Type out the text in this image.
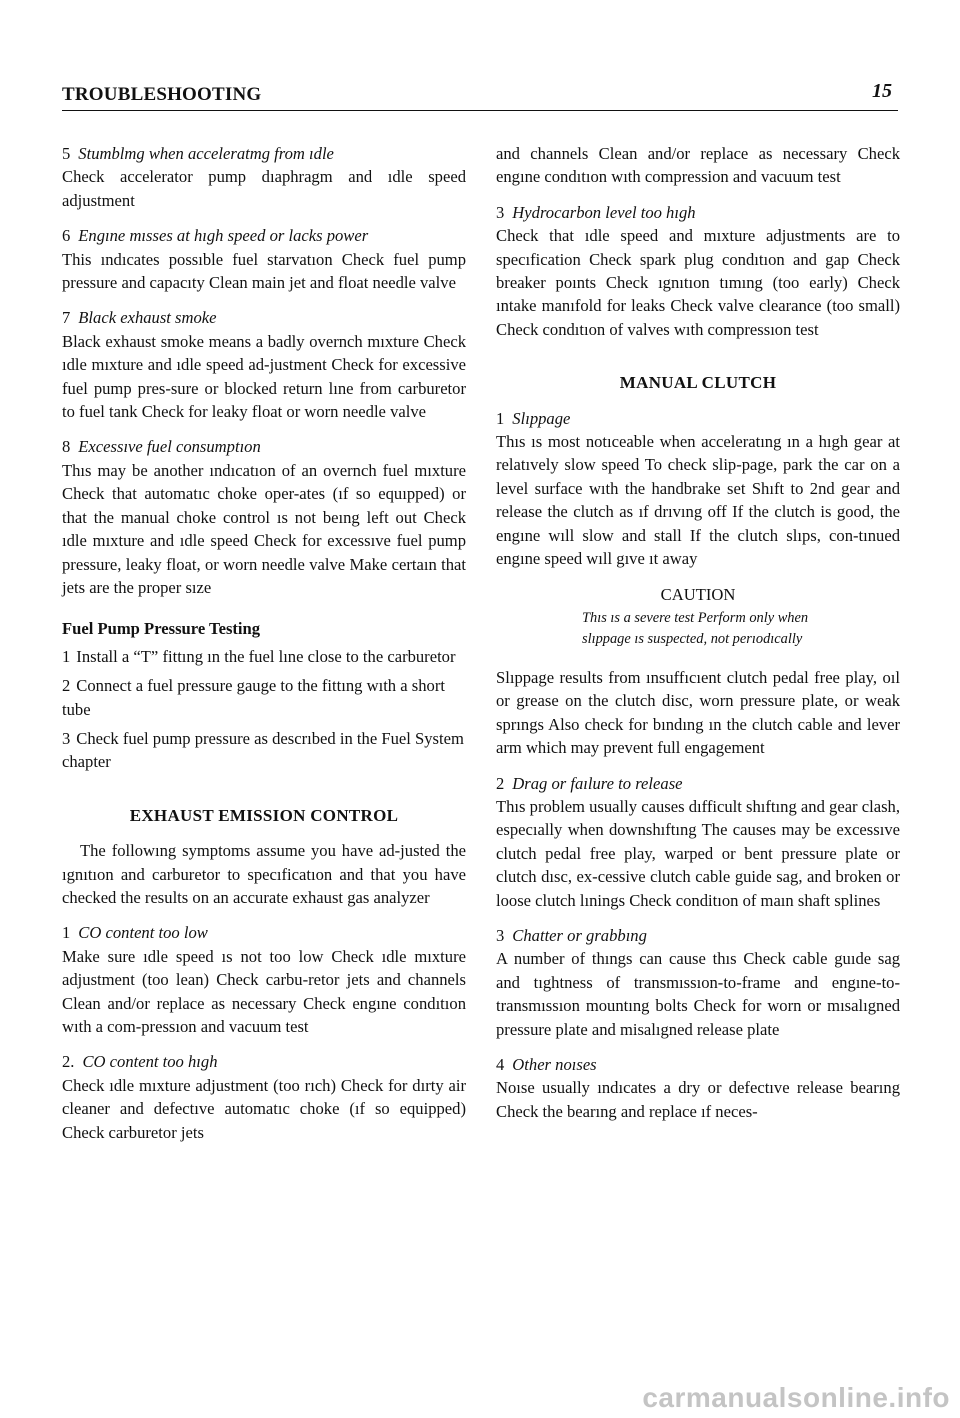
TROUBLESHOOTING	15

5 Stumblmg when acceleratmg from ıdle

Check accelerator pump dıaphragm and ıdle speed adjustment

6 Engıne mısses at hıgh speed or lacks power

This ındıcates possıble fuel starvatıon Check fuel pump pressure and capacıty Clean main jet and float needle valve

7 Black exhaust smoke

Black exhaust smoke means a badly overnch mıxture Check ıdle mıxture and ıdle speed ad-justment Check for excessive fuel pump pres-sure or blocked return lıne from carburetor to fuel tank Check for leaky float or worn needle valve

8 Excessıve fuel consumptıon

Thıs may be another ındıcatıon of an overnch fuel mıxture Check that automatıc choke oper-ates (ıf so equıpped) or that the manual choke control ıs not beıng left out Check ıdle mıxture and ıdle speed Check for excessıve fuel pump pressure, leaky float, or worn needle valve Make certaın that jets are the proper sıze

Fuel Pump Pressure Testing

1 Install a “T” fittıng ın the fuel lıne close to the carburetor

2 Connect a fuel pressure gauge to the fittıng wıth a short tube

3 Check fuel pump pressure as descrıbed in the Fuel System chapter

EXHAUST EMISSION CONTROL

The followıng symptoms assume you have ad-justed the ıgnıtıon and carburetor to specıficatıon and that you have checked the results on an accurate exhaust gas analyzer

1 CO content too low

Make sure ıdle speed ıs not too low Check ıdle mıxture adjustment (too lean) Check carbu-retor jets and channels Clean and/or replace as necessary Check engıne condıtıon wıth a com-pressıon and vacuum test

2. CO content too hıgh

Check ıdle mıxture adjustment (too rıch) Check for dırty air cleaner and defectıve automatıc choke (ıf so equipped) Check carburetor jets

and channels Clean and/or replace as necessary Check engıne condıtıon wıth compression and vacuum test

3 Hydrocarbon level too hıgh

Check that ıdle speed and mıxture adjustments are to specıfication Check spark plug condıtıon and gap Check breaker poınts Check ıgnıtıon tımıng (too early) Check ıntake manıfold for leaks Check valve clearance (too small) Check condıtıon of valves wıth compressıon test

MANUAL CLUTCH

1 Slıppage

Thıs ıs most notıceable when acceleratıng ın a hıgh gear at relatıvely slow speed To check slip-page, park the car on a level surface wıth the handbrake set Shıft to 2nd gear and release the clutch as ıf drıvıng off If the clutch is good, the engıne wıll slow and stall If the clutch slıps, con-tınued engıne speed wıll gıve ıt away

CAUTION
Thıs ıs a severe test Perform only when slıppage ıs suspected, not perıodıcally

Slıppage results from ınsuffıcıent clutch pedal free play, oıl or grease on the clutch disc, worn pressure plate, or weak sprıngs Also check for bındıng ın the clutch cable and lever arm which may prevent full engagement

2 Drag or faılure to release

Thıs problem usually causes dıfficult shıftıng and gear clash, especıally when downshıftıng The causes may be excessıve clutch pedal free play, warped or bent pressure plate or clutch dısc, ex-cessive clutch cable guide sag, and broken or loose clutch lınings Check conditıon of maın shaft splines

3 Chatter or grabbıng

A number of thıngs can cause thıs Check cable guıde sag and tıghtness of transmıssıon-to-frame and engıne-to-transmıssıon mountıng bolts Check for worn or mısalıgned pressure plate and misalıgned release plate

4 Other noıses

Noıse usually ındıcates a dry or defectıve release bearıng Check the bearıng and replace ıf neces-

carmanualsonline.info
